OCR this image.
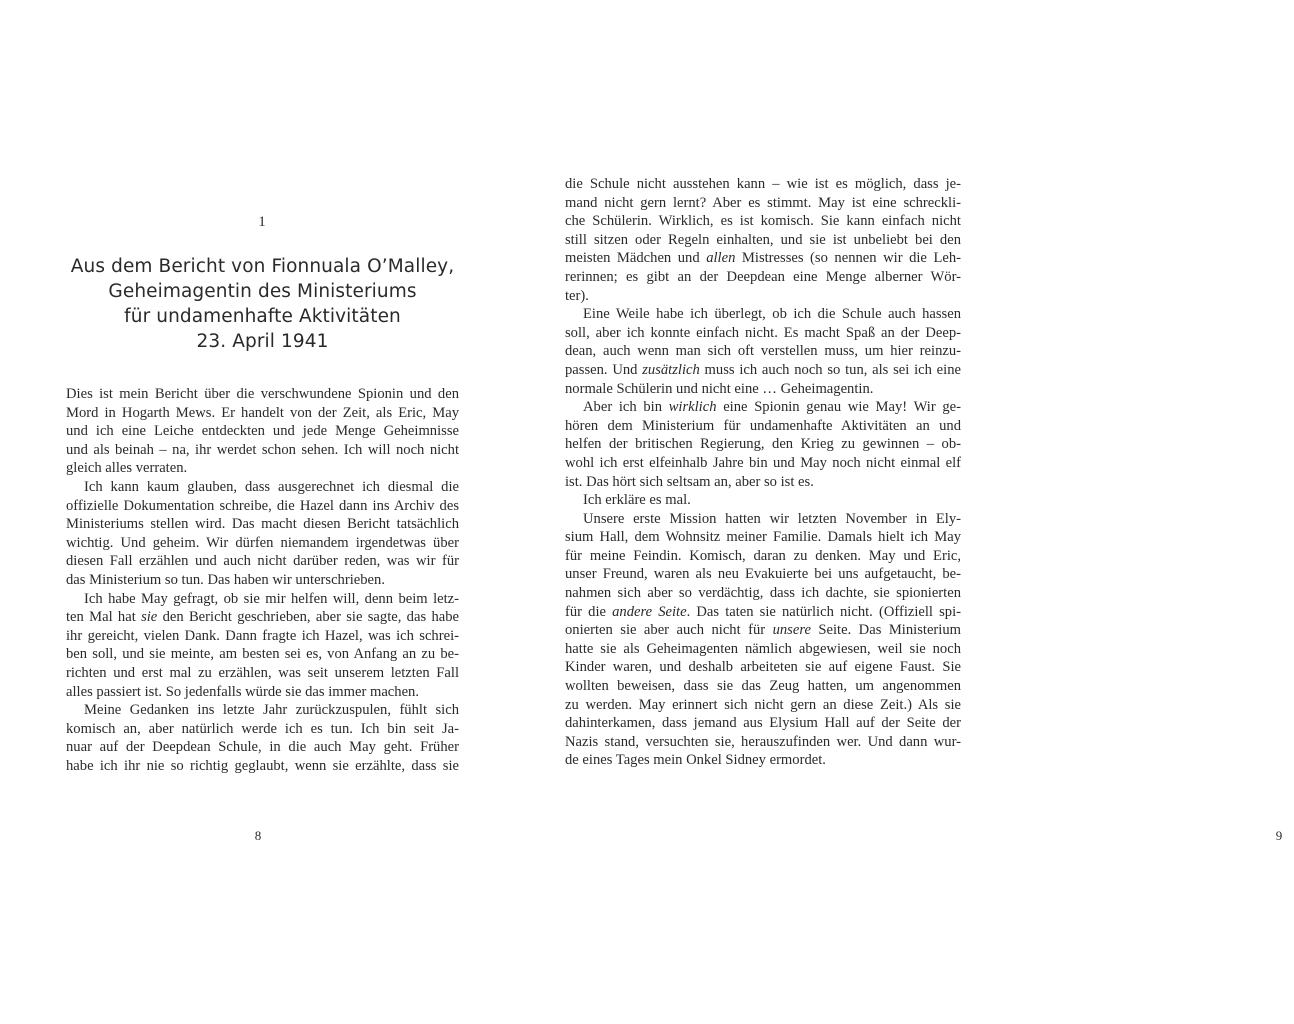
1
Aus dem Bericht von Fionnuala O’Malley,
Geheimagentin des Ministeriums
für undamenhafte Aktivitäten
23. April 1941
Dies ist mein Bericht über die verschwundene Spionin und den
Mord in Hogarth Mews. Er handelt von der Zeit, als Eric, May
und ich eine Leiche entdeckten und jede Menge Geheimnisse
und als beinah – na, ihr werdet schon sehen. Ich will noch nicht
gleich alles verraten.
Ich kann kaum glauben, dass ausgerechnet ich diesmal die
offizielle Dokumentation schreibe, die Hazel dann ins Archiv des
Ministeriums stellen wird. Das macht diesen Bericht tatsächlich
wichtig. Und geheim. Wir dürfen niemandem irgendetwas über
diesen Fall erzählen und auch nicht darüber reden, was wir für
das Ministerium so tun. Das haben wir unterschrieben.
Ich habe May gefragt, ob sie mir helfen will, denn beim letz-
ten Mal hat sie den Bericht geschrieben, aber sie sagte, das habe
ihr gereicht, vielen Dank. Dann fragte ich Hazel, was ich schrei-
ben soll, und sie meinte, am besten sei es, von Anfang an zu be-
richten und erst mal zu erzählen, was seit unserem letzten Fall
alles passiert ist. So jedenfalls würde sie das immer machen.
Meine Gedanken ins letzte Jahr zurückzuspulen, fühlt sich
komisch an, aber natürlich werde ich es tun. Ich bin seit Ja-
nuar auf der Deepdean Schule, in die auch May geht. Früher
habe ich ihr nie so richtig geglaubt, wenn sie erzählte, dass sie
8	9
die Schule nicht ausstehen kann – wie ist es möglich, dass je-
mand nicht gern lernt? Aber es stimmt. May ist eine schreckli-
che Schülerin. Wirklich, es ist komisch. Sie kann einfach nicht
still sitzen oder Regeln einhalten, und sie ist unbeliebt bei den
meisten Mädchen und allen Mistresses (so nennen wir die Leh-
rerinnen; es gibt an der Deepdean eine Menge alberner Wör-
ter).
Eine Weile habe ich überlegt, ob ich die Schule auch hassen
soll, aber ich konnte einfach nicht. Es macht Spaß an der Deep-
dean, auch wenn man sich oft verstellen muss, um hier reinzu-
passen. Und zusätzlich muss ich auch noch so tun, als sei ich eine
normale Schülerin und nicht eine … Geheimagentin.
Aber ich bin wirklich eine Spionin genau wie May! Wir ge-
hören dem Ministerium für undamenhafte Aktivitäten an und
helfen der britischen Regierung, den Krieg zu gewinnen – ob-
wohl ich erst elfeinhalb Jahre bin und May noch nicht einmal elf
ist. Das hört sich seltsam an, aber so ist es.
Ich erkläre es mal.
Unsere erste Mission hatten wir letzten November in Ely-
sium Hall, dem Wohnsitz meiner Familie. Damals hielt ich May
für meine Feindin. Komisch, daran zu denken. May und Eric,
unser Freund, waren als neu Evakuierte bei uns aufgetaucht, be-
nahmen sich aber so verdächtig, dass ich dachte, sie spionierten
für die andere Seite. Das taten sie natürlich nicht. (Offiziell spi-
onierten sie aber auch nicht für unsere Seite. Das Ministerium
hatte sie als Geheimagenten nämlich abgewiesen, weil sie noch
Kinder waren, und deshalb arbeiteten sie auf eigene Faust. Sie
wollten beweisen, dass sie das Zeug hatten, um angenommen
zu werden. May erinnert sich nicht gern an diese Zeit.) Als sie
dahinterkamen, dass jemand aus Elysium Hall auf der Seite der
Nazis stand, versuchten sie, herauszufinden wer. Und dann wur-
de eines Tages mein Onkel Sidney ermordet.
